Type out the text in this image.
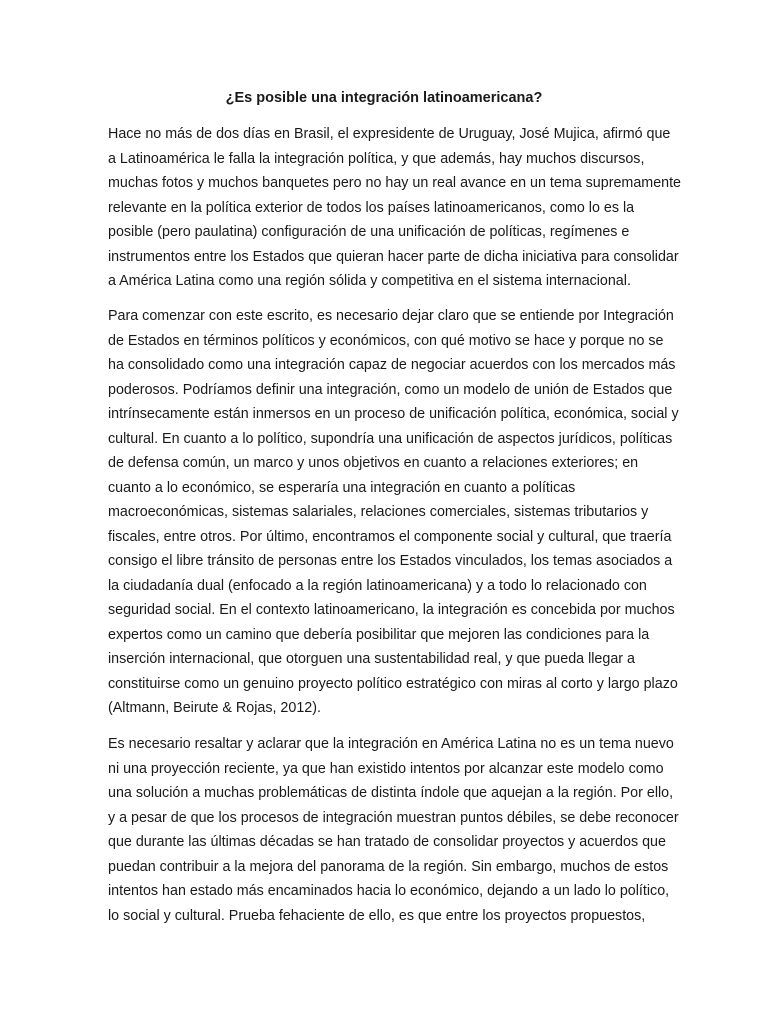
¿Es posible una integración latinoamericana?
Hace no más de dos días en Brasil, el expresidente de Uruguay, José Mujica, afirmó que
a Latinoamérica le falla la integración política, y que además, hay muchos discursos,
muchas fotos y muchos banquetes pero no hay un real avance en un tema supremamente
relevante en la política exterior de todos los países latinoamericanos, como lo es la
posible (pero paulatina) configuración de una unificación de políticas, regímenes e
instrumentos entre los Estados que quieran hacer parte de dicha iniciativa para consolidar
a América Latina como una región sólida y competitiva en el sistema internacional.
Para comenzar con este escrito, es necesario dejar claro que se entiende por Integración
de Estados en términos políticos y económicos, con qué motivo se hace y porque no se
ha consolidado como una integración capaz de negociar acuerdos con los mercados más
poderosos. Podríamos definir una integración, como un modelo de unión de Estados que
intrínsecamente están inmersos en un proceso de unificación política, económica, social y
cultural. En cuanto a lo político, supondría una unificación de aspectos jurídicos, políticas
de defensa común, un marco y unos objetivos en cuanto a relaciones exteriores; en
cuanto a lo económico, se esperaría una integración en cuanto a políticas
macroeconómicas, sistemas salariales, relaciones comerciales, sistemas tributarios y
fiscales, entre otros. Por último, encontramos el componente social y cultural, que traería
consigo el libre tránsito de personas entre los Estados vinculados, los temas asociados a
la ciudadanía dual (enfocado a la región latinoamericana) y a todo lo relacionado con
seguridad social. En el contexto latinoamericano, la integración es concebida por muchos
expertos como un camino que debería posibilitar que mejoren las condiciones para la
inserción internacional, que otorguen una sustentabilidad real, y que pueda llegar a
constituirse como un genuino proyecto político estratégico con miras al corto y largo plazo
(Altmann, Beirute & Rojas, 2012).
Es necesario resaltar y aclarar que la integración en América Latina no es un tema nuevo
ni una proyección reciente, ya que han existido intentos por alcanzar este modelo como
una solución a muchas problemáticas de distinta índole que aquejan a la región. Por ello,
y a pesar de que los procesos de integración muestran puntos débiles, se debe reconocer
que durante las últimas décadas se han tratado de consolidar proyectos y acuerdos que
puedan contribuir a la mejora del panorama de la región. Sin embargo, muchos de estos
intentos han estado más encaminados hacia lo económico, dejando a un lado lo político,
lo social y cultural. Prueba fehaciente de ello, es que entre los proyectos propuestos,
